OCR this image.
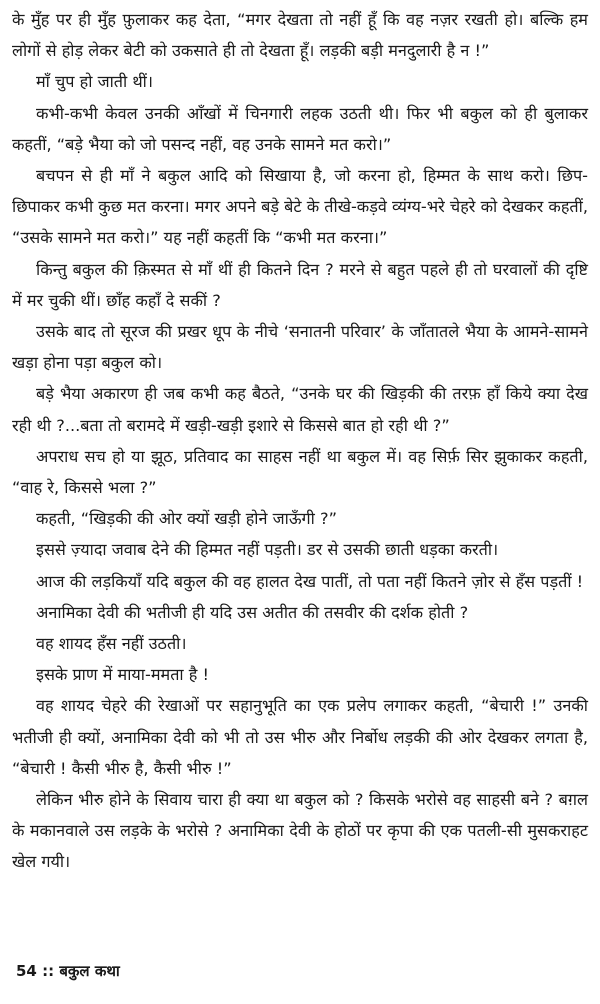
के मुँह पर ही मुँह फ़ुलाकर कह देता, “मगर देखता तो नहीं हूँ कि वह नज़र रखती हो। बल्कि हम लोगों से होड़ लेकर बेटी को उकसाते ही तो देखता हूँ। लड़की बड़ी मनदुलारी है न !”

माँ चुप हो जाती थीं।

कभी-कभी केवल उनकी आँखों में चिनगारी लहक उठती थी। फिर भी बकुल को ही बुलाकर कहतीं, “बड़े भैया को जो पसन्द नहीं, वह उनके सामने मत करो।”

बचपन से ही माँ ने बकुल आदि को सिखाया है, जो करना हो, हिम्मत के साथ करो। छिप-छिपाकर कभी कुछ मत करना। मगर अपने बड़े बेटे के तीखे-कड़वे व्यंग्य-भरे चेहरे को देखकर कहतीं, “उसके सामने मत करो।” यह नहीं कहतीं कि “कभी मत करना।”

किन्तु बकुल की क़िस्मत से माँ थीं ही कितने दिन ? मरने से बहुत पहले ही तो घरवालों की दृष्टि में मर चुकी थीं। छाँह कहाँ दे सकीं ?

उसके बाद तो सूरज की प्रखर धूप के नीचे ‘सनातनी परिवार’ के जाँतातले भैया के आमने-सामने खड़ा होना पड़ा बकुल को।

बड़े भैया अकारण ही जब कभी कह बैठते, “उनके घर की खिड़की की तरफ़ हाँ किये क्या देख रही थी ?...बता तो बरामदे में खड़ी-खड़ी इशारे से किससे बात हो रही थी ?”

अपराध सच हो या झूठ, प्रतिवाद का साहस नहीं था बकुल में। वह सिर्फ़ सिर झुकाकर कहती, “वाह रे, किससे भला ?”

कहती, “खिड़की की ओर क्यों खड़ी होने जाऊँगी ?”

इससे ज़्यादा जवाब देने की हिम्मत नहीं पड़ती। डर से उसकी छाती धड़का करती।

आज की लड़कियाँ यदि बकुल की वह हालत देख पातीं, तो पता नहीं कितने ज़ोर से हँस पड़तीं !

अनामिका देवी की भतीजी ही यदि उस अतीत की तसवीर की दर्शक होती ?

वह शायद हँस नहीं उठती।

इसके प्राण में माया-ममता है !

वह शायद चेहरे की रेखाओं पर सहानुभूति का एक प्रलेप लगाकर कहती, “बेचारी !” उनकी भतीजी ही क्यों, अनामिका देवी को भी तो उस भीरु और निर्बोध लड़की की ओर देखकर लगता है, “बेचारी ! कैसी भीरु है, कैसी भीरु !”

लेकिन भीरु होने के सिवाय चारा ही क्या था बकुल को ? किसके भरोसे वह साहसी बने ? बग़ल के मकानवाले उस लड़के के भरोसे ? अनामिका देवी के होठों पर कृपा की एक पतली-सी मुसकराहट खेल गयी।

54 :: बकुल कथा
